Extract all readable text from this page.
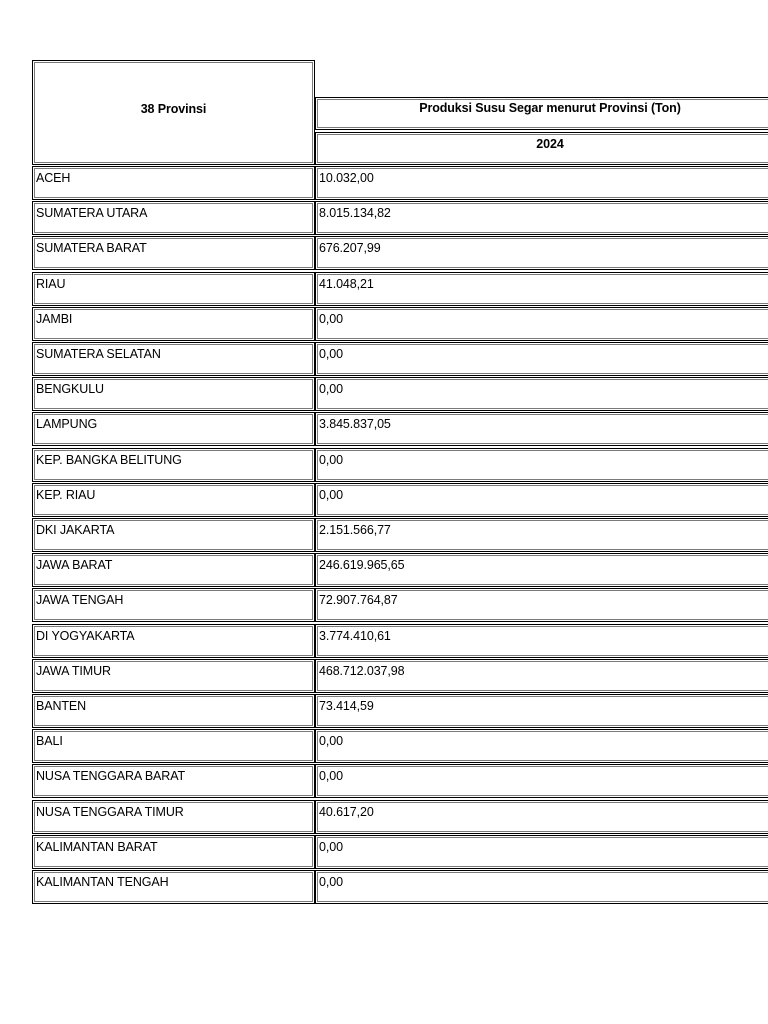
38 Provinsi	Produksi Susu Segar menurut Provinsi (Ton)
2024
ACEH	10.032,00
SUMATERA UTARA	8.015.134,82
SUMATERA BARAT	676.207,99
RIAU	41.048,21
JAMBI	0,00
SUMATERA SELATAN	0,00
BENGKULU	0,00
LAMPUNG	3.845.837,05
KEP. BANGKA BELITUNG	0,00
KEP. RIAU	0,00
DKI JAKARTA	2.151.566,77
JAWA BARAT	246.619.965,65
JAWA TENGAH	72.907.764,87
DI YOGYAKARTA	3.774.410,61
JAWA TIMUR	468.712.037,98
BANTEN	73.414,59
BALI	0,00
NUSA TENGGARA BARAT	0,00
NUSA TENGGARA TIMUR	40.617,20
KALIMANTAN BARAT	0,00
KALIMANTAN TENGAH	0,00
